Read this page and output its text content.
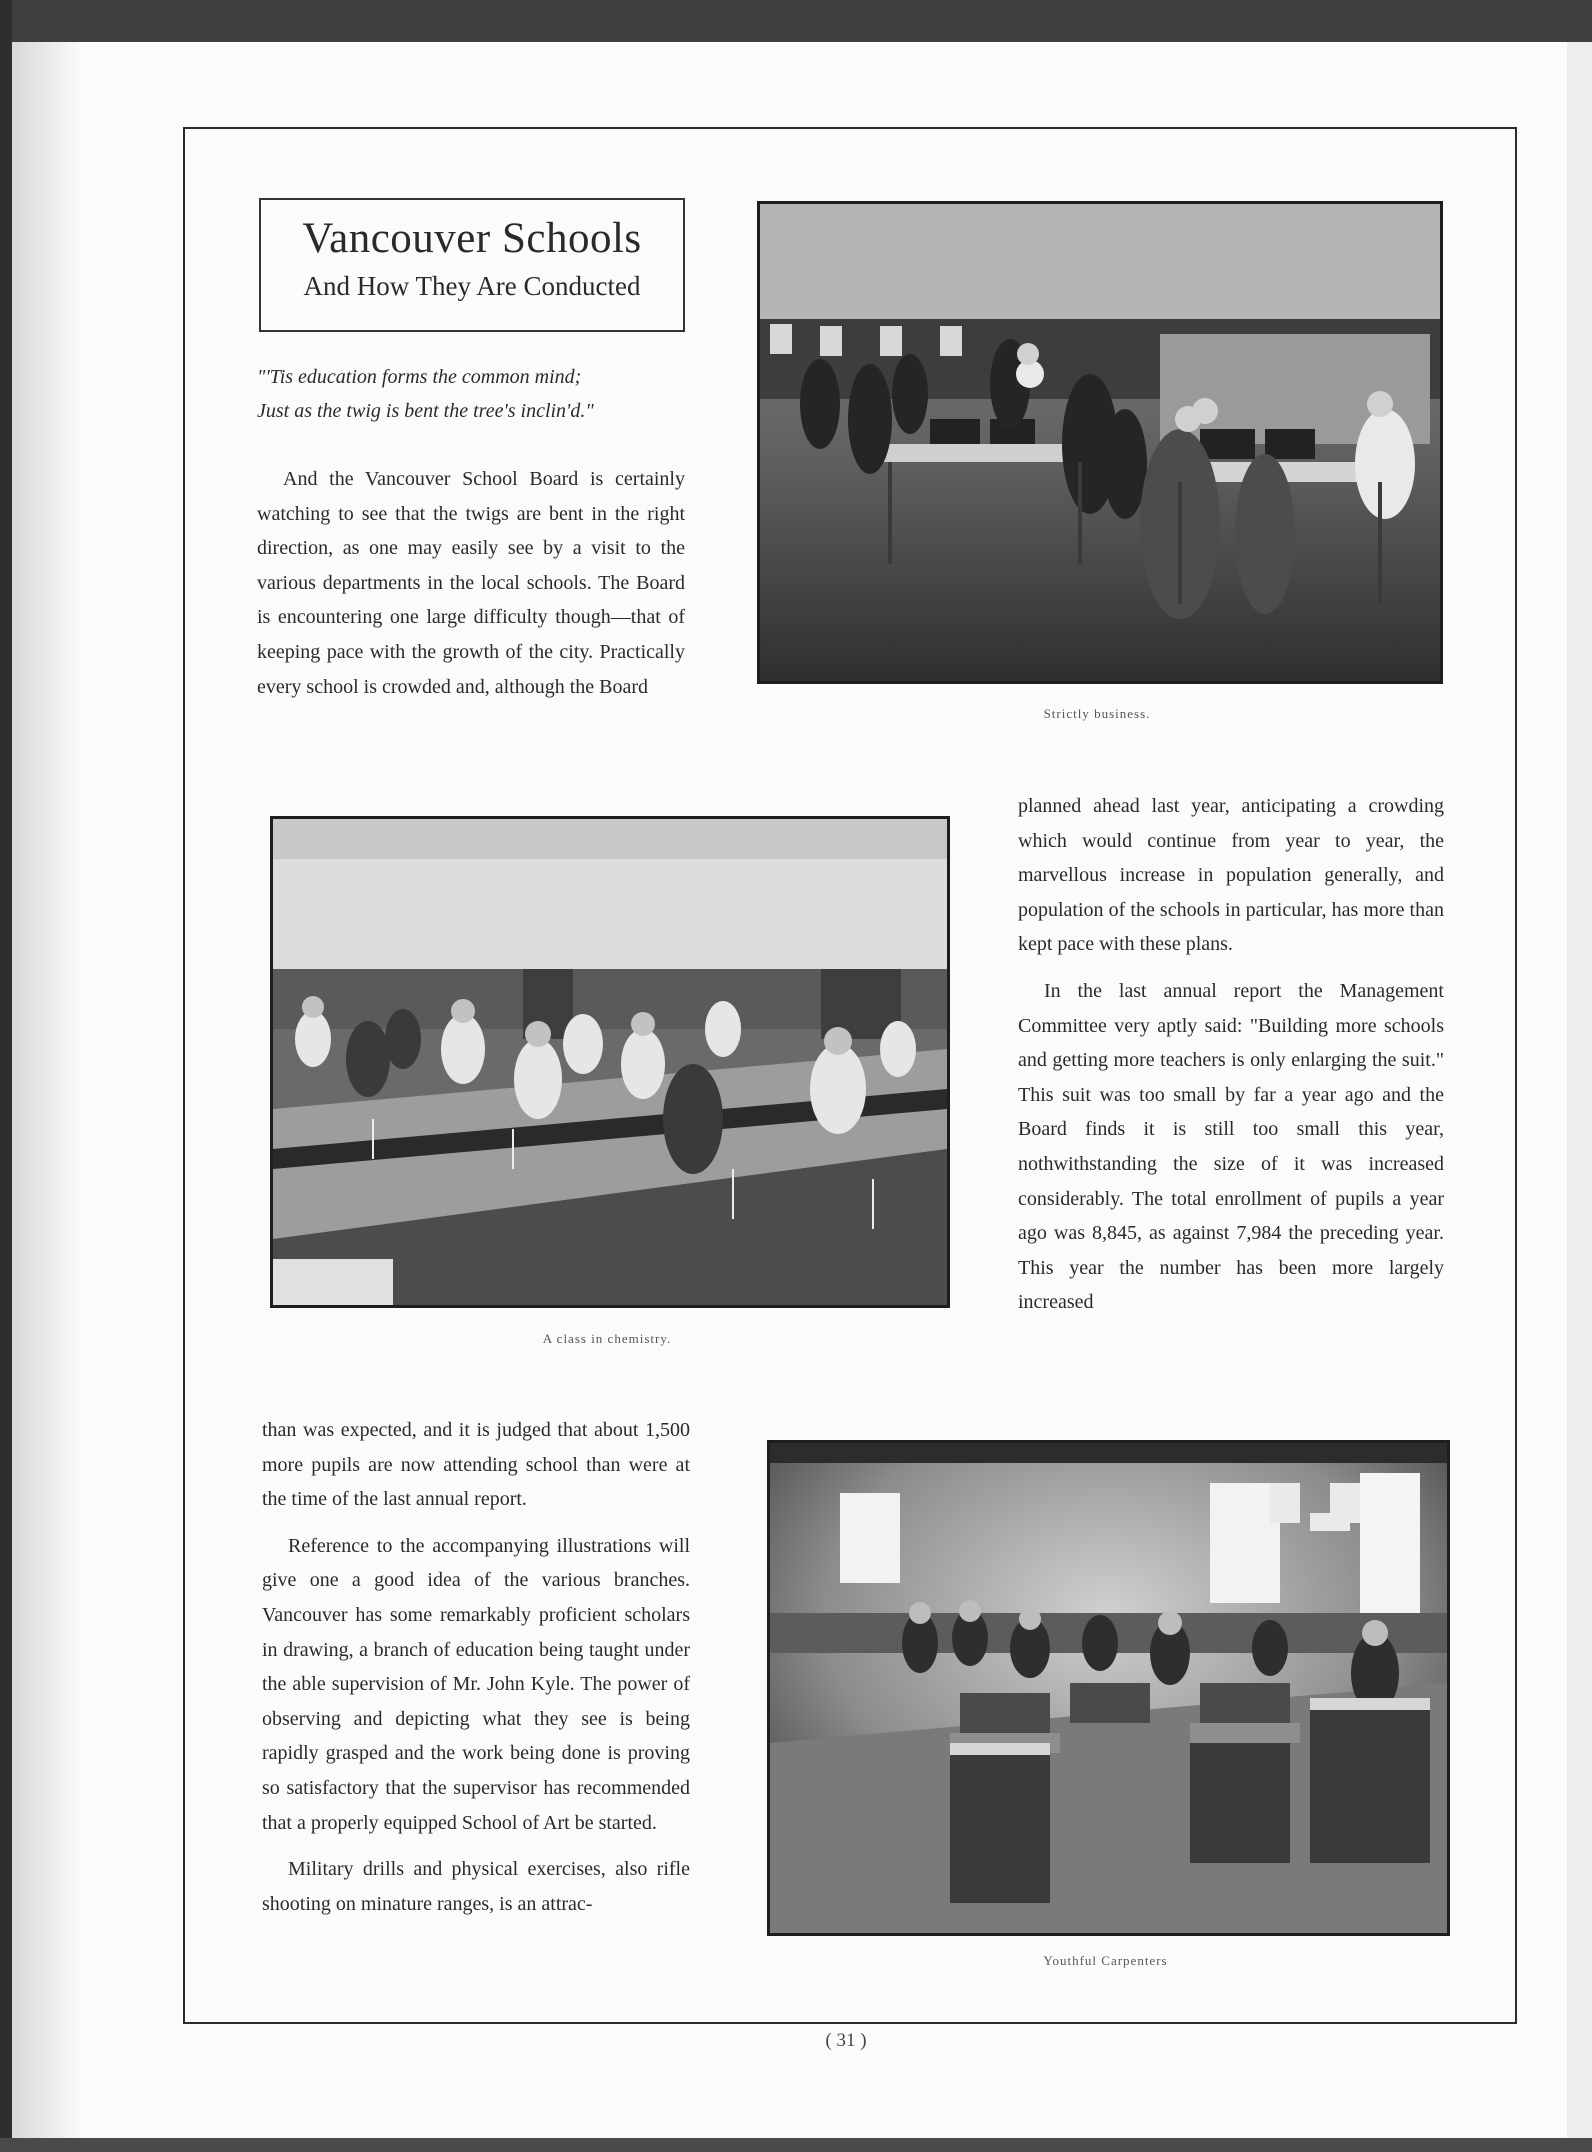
Vancouver Schools
And How They Are Conducted
"'Tis education forms the common mind;
Just as the twig is bent the tree's inclin'd."

And the Vancouver School Board is certainly watching to see that the twigs are bent in the right direction, as one may easily see by a visit to the various departments in the local schools. The Board is encountering one large difficulty though—that of keeping pace with the growth of the city. Practically every school is crowded and, although the Board

Strictly business.
A class in chemistry.

planned ahead last year, anticipating a crowding which would continue from year to year, the marvellous increase in population generally, and population of the schools in particular, has more than kept pace with these plans.

In the last annual report the Management Committee very aptly said: "Building more schools and getting more teachers is only enlarging the suit." This suit was too small by far a year ago and the Board finds it is still too small this year, nothwithstanding the size of it was increased considerably. The total enrollment of pupils a year ago was 8,845, as against 7,984 the preceding year. This year the number has been more largely increased

than was expected, and it is judged that about 1,500 more pupils are now attending school than were at the time of the last annual report.

Reference to the accompanying illustrations will give one a good idea of the various branches. Vancouver has some remarkably proficient scholars in drawing, a branch of education being taught under the able supervision of Mr. John Kyle. The power of observing and depicting what they see is being rapidly grasped and the work being done is proving so satisfactory that the supervisor has recommended that a properly equipped School of Art be started.

Military drills and physical exercises, also rifle shooting on minature ranges, is an attrac-

Youthful Carpenters
( 31 )
